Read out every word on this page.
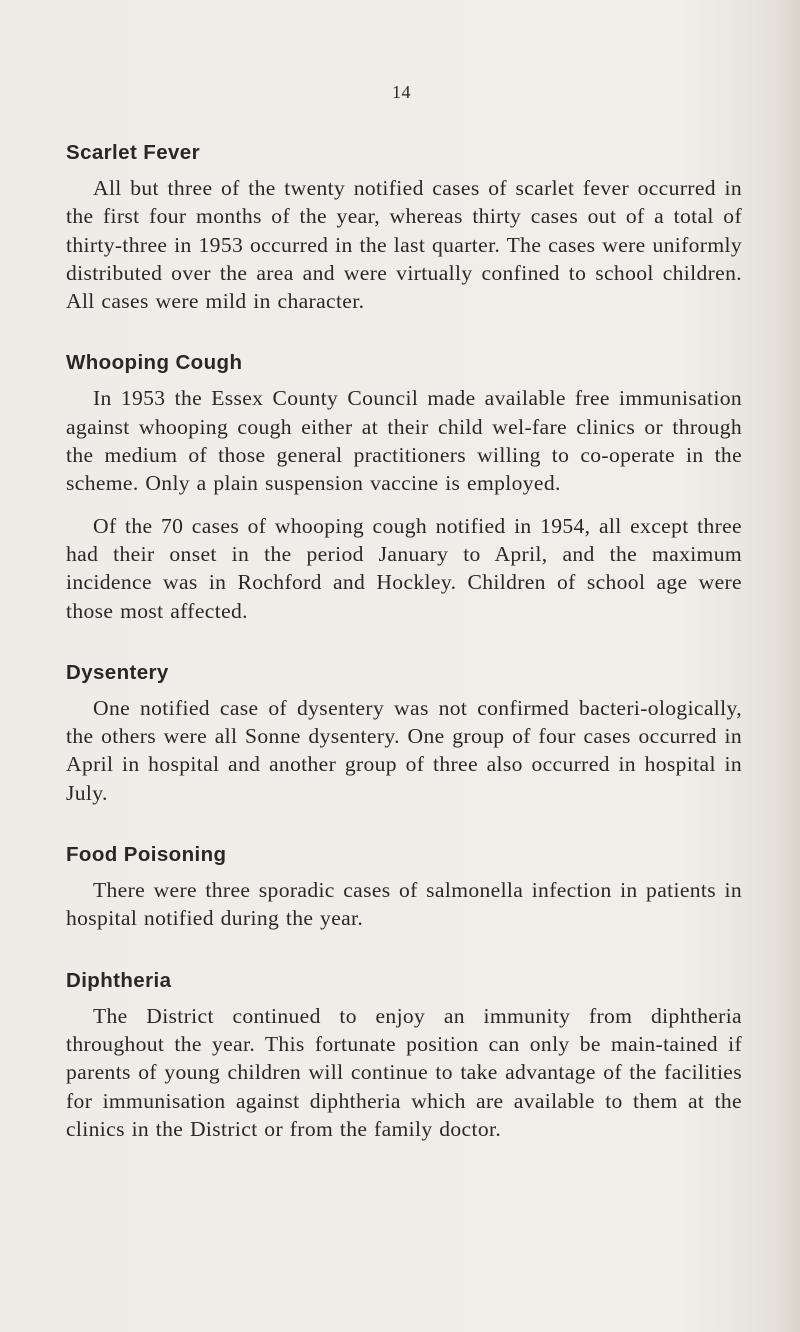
14
Scarlet Fever

All but three of the twenty notified cases of scarlet fever occurred in the first four months of the year, whereas thirty cases out of a total of thirty-three in 1953 occurred in the last quarter. The cases were uniformly distributed over the area and were virtually confined to school children. All cases were mild in character.

Whooping Cough

In 1953 the Essex County Council made available free immunisation against whooping cough either at their child wel-fare clinics or through the medium of those general practitioners willing to co-operate in the scheme. Only a plain suspension vaccine is employed.

Of the 70 cases of whooping cough notified in 1954, all except three had their onset in the period January to April, and the maximum incidence was in Rochford and Hockley. Children of school age were those most affected.

Dysentery

One notified case of dysentery was not confirmed bacteri-ologically, the others were all Sonne dysentery. One group of four cases occurred in April in hospital and another group of three also occurred in hospital in July.

Food Poisoning

There were three sporadic cases of salmonella infection in patients in hospital notified during the year.

Diphtheria

The District continued to enjoy an immunity from diphtheria throughout the year. This fortunate position can only be main-tained if parents of young children will continue to take advantage of the facilities for immunisation against diphtheria which are available to them at the clinics in the District or from the family doctor.
